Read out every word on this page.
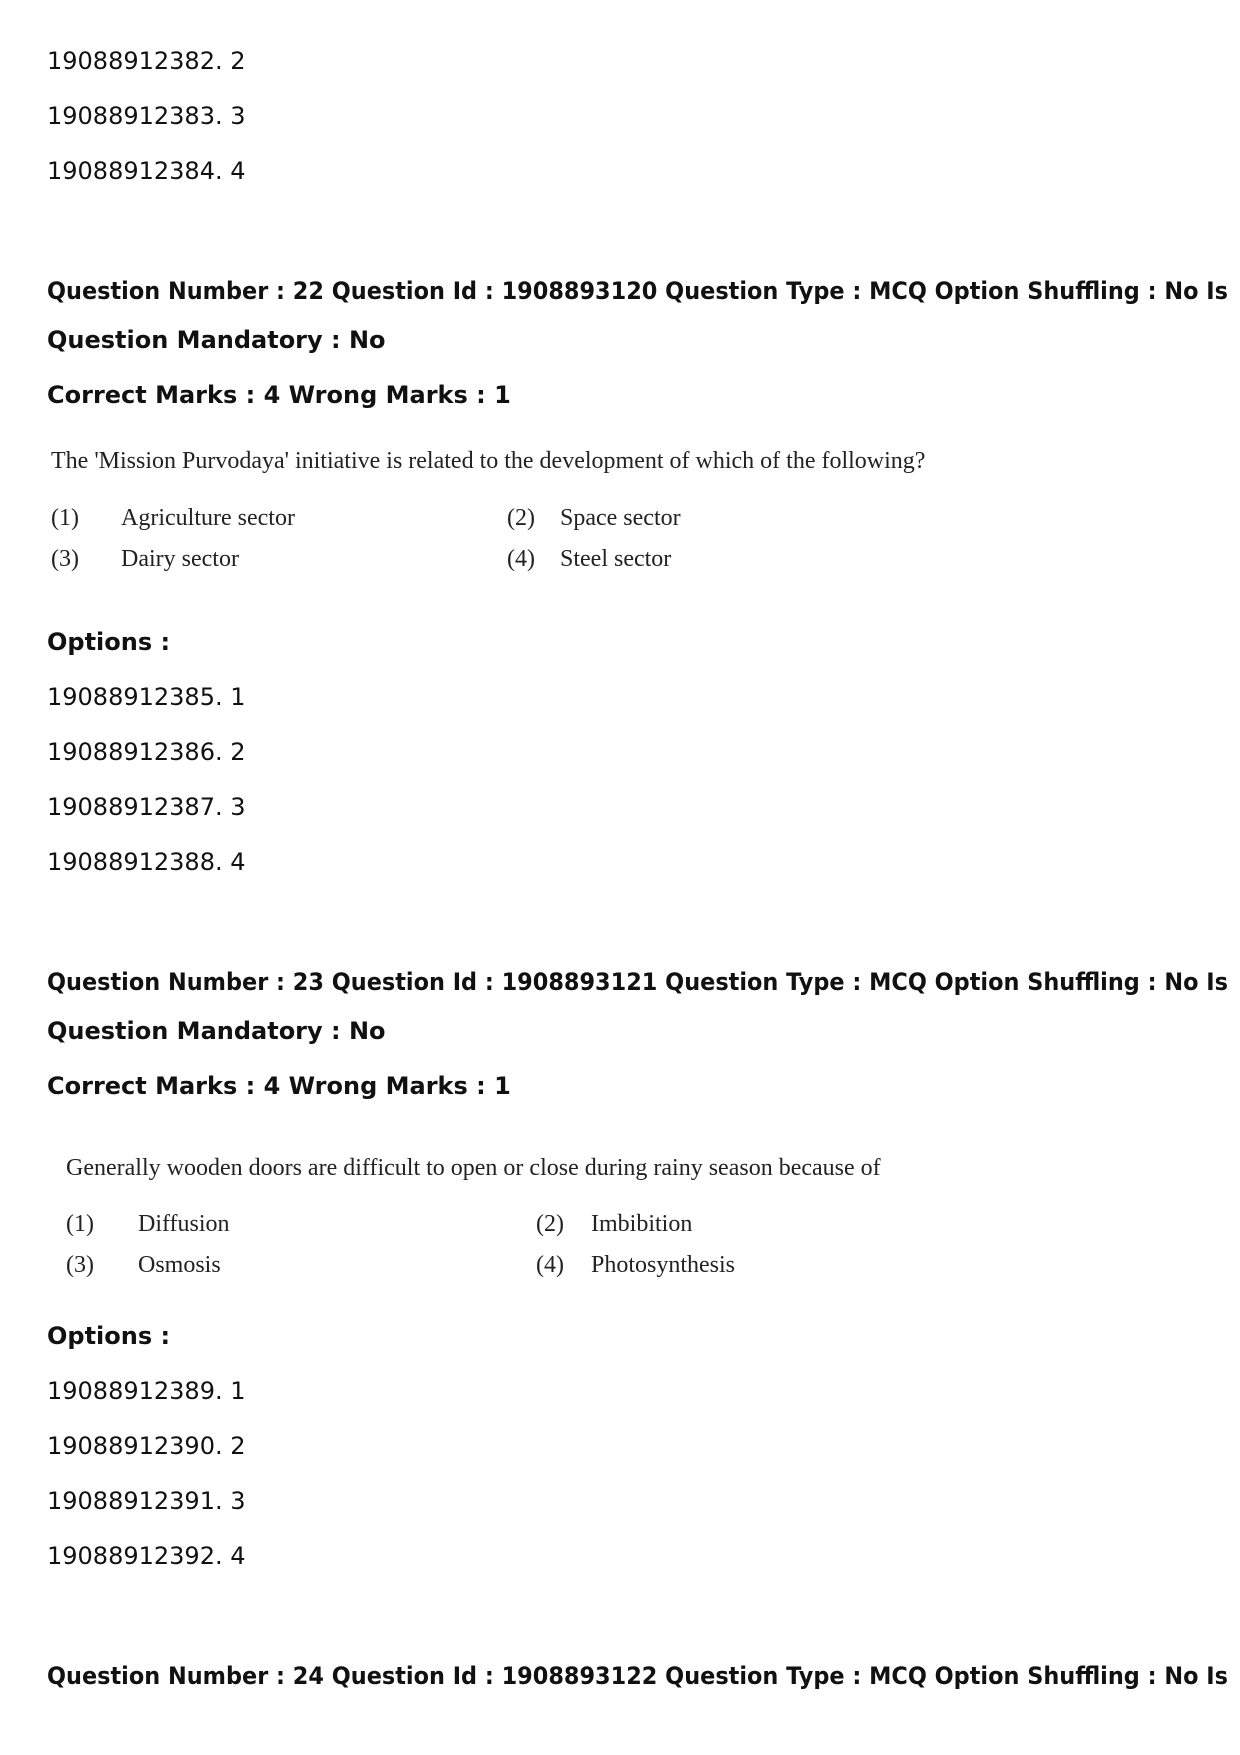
19088912382. 2
19088912383. 3
19088912384. 4
Question Number : 22 Question Id : 1908893120 Question Type : MCQ Option Shuffling : No Is
Question Mandatory : No
Correct Marks : 4 Wrong Marks : 1
The 'Mission Purvodaya' initiative is related to the development of which of the following?
(1) Agriculture sector	(2) Space sector
(3) Dairy sector	(4) Steel sector
Options :
19088912385. 1
19088912386. 2
19088912387. 3
19088912388. 4
Question Number : 23 Question Id : 1908893121 Question Type : MCQ Option Shuffling : No Is
Question Mandatory : No
Correct Marks : 4 Wrong Marks : 1
Generally wooden doors are difficult to open or close during rainy season because of
(1) Diffusion	(2) Imbibition
(3) Osmosis	(4) Photosynthesis
Options :
19088912389. 1
19088912390. 2
19088912391. 3
19088912392. 4
Question Number : 24 Question Id : 1908893122 Question Type : MCQ Option Shuffling : No Is
